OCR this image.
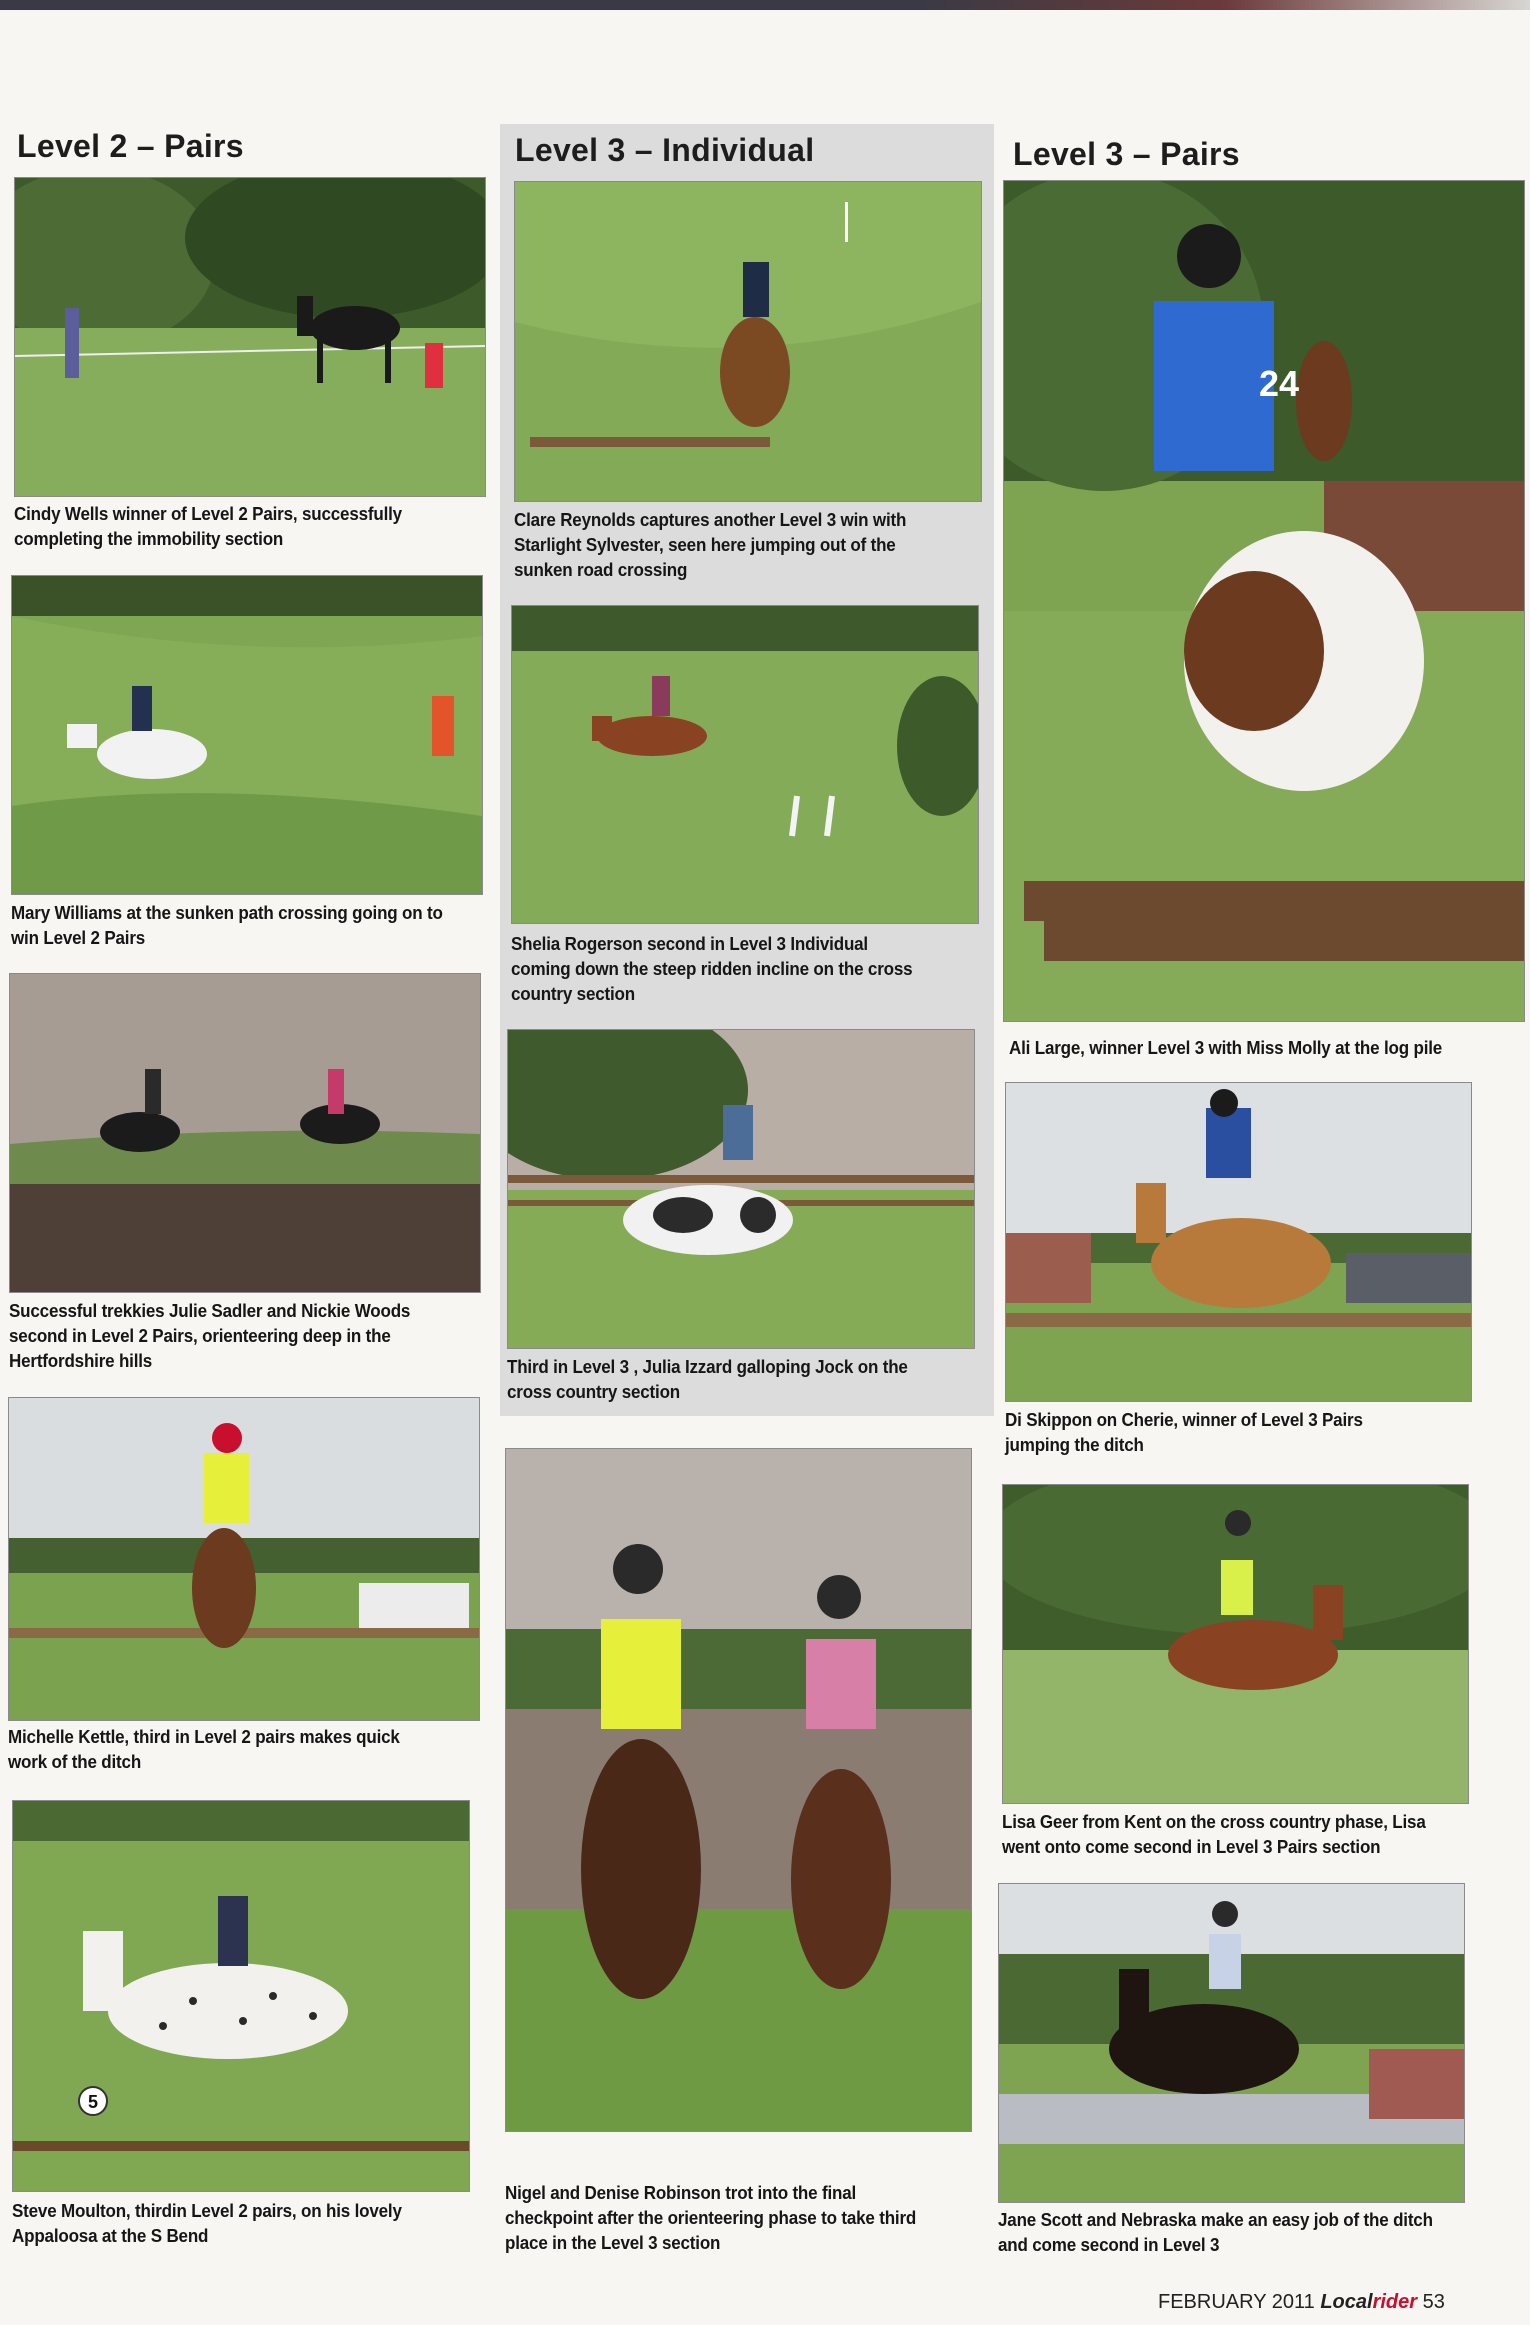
Level 2 – Pairs	Level 3 – Individual	Level 3 – Pairs
Cindy Wells winner of Level 2 Pairs, successfully
completing the immobility section
Mary Williams at the sunken path crossing going on to
win Level 2 Pairs
Successful trekkies Julie Sadler and Nickie Woods
second in Level 2 Pairs, orienteering deep in the
Hertfordshire hills
Michelle Kettle, third in Level 2 pairs makes quick
work of the ditch
5
Steve Moulton, thirdin Level 2 pairs, on his lovely
Appaloosa at the S Bend
Clare Reynolds captures another Level 3 win with
Starlight Sylvester, seen here jumping out of the
sunken road crossing
Shelia Rogerson second in Level 3 Individual
coming down the steep ridden incline on the cross
country section
Third in Level 3 , Julia Izzard galloping Jock on the
cross country section
Nigel and Denise Robinson trot into the final
checkpoint after the orienteering phase to take third
place in the Level 3 section
24
Ali Large, winner Level 3 with Miss Molly at the log pile
Di Skippon on Cherie, winner of Level 3 Pairs
jumping the ditch
Lisa Geer from Kent on the cross country phase, Lisa
went onto come second in Level 3 Pairs section
Jane Scott and Nebraska make an easy job of the ditch
and come second in Level 3
FEBRUARY 2011 Localrider 53
